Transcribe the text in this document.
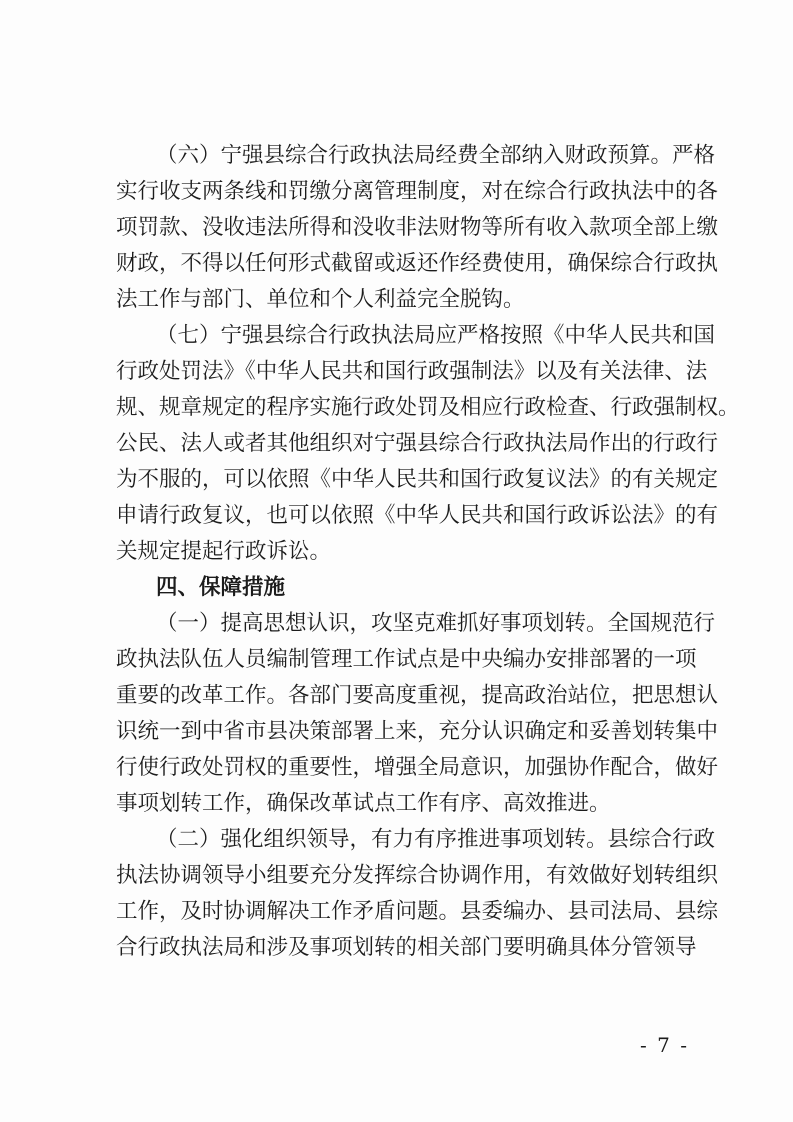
（六）宁强县综合行政执法局经费全部纳入财政预算。严格
实行收支两条线和罚缴分离管理制度，对在综合行政执法中的各
项罚款、没收违法所得和没收非法财物等所有收入款项全部上缴
财政，不得以任何形式截留或返还作经费使用，确保综合行政执
法工作与部门、单位和个人利益完全脱钩。
（七）宁强县综合行政执法局应严格按照《中华人民共和国
行政处罚法》《中华人民共和国行政强制法》以及有关法律、法
规、规章规定的程序实施行政处罚及相应行政检查、行政强制权。
公民、法人或者其他组织对宁强县综合行政执法局作出的行政行
为不服的，可以依照《中华人民共和国行政复议法》的有关规定
申请行政复议，也可以依照《中华人民共和国行政诉讼法》的有
关规定提起行政诉讼。
四、保障措施
（一）提高思想认识，攻坚克难抓好事项划转。全国规范行
政执法队伍人员编制管理工作试点是中央编办安排部署的一项
重要的改革工作。各部门要高度重视，提高政治站位，把思想认
识统一到中省市县决策部署上来，充分认识确定和妥善划转集中
行使行政处罚权的重要性，增强全局意识，加强协作配合，做好
事项划转工作，确保改革试点工作有序、高效推进。
（二）强化组织领导，有力有序推进事项划转。县综合行政
执法协调领导小组要充分发挥综合协调作用，有效做好划转组织
工作，及时协调解决工作矛盾问题。县委编办、县司法局、县综
合行政执法局和涉及事项划转的相关部门要明确具体分管领导
- 7 -
